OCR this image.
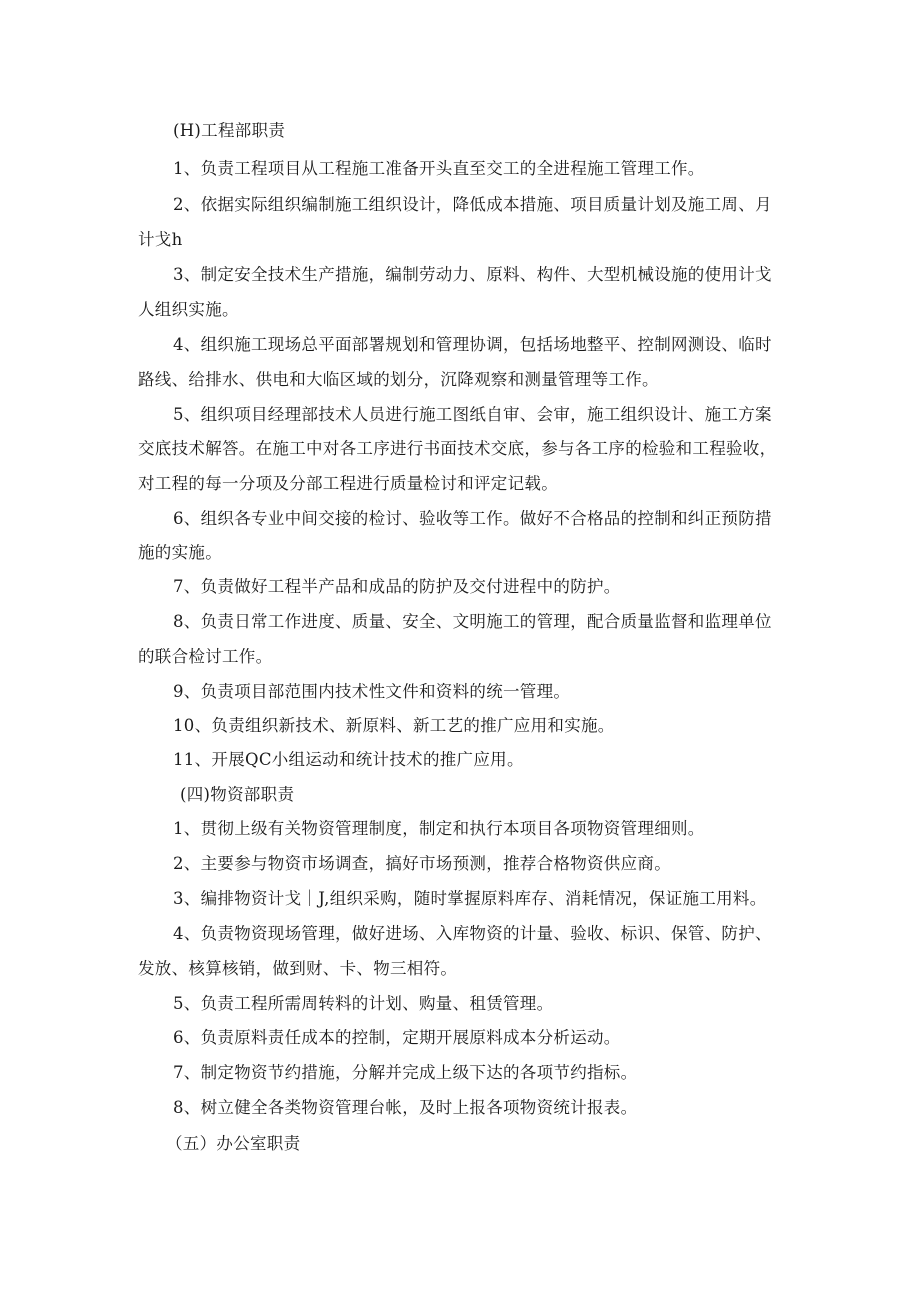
(H)工程部职责
1、负责工程项目从工程施工准备开头直至交工的全进程施工管理工作。
2、依据实际组织编制施工组织设计，降低成本措施、项目质量计划及施工周、月
计戈h
3、制定安全技术生产措施，编制劳动力、原料、构件、大型机械设施的使用计戈
人组织实施。
4、组织施工现场总平面部署规划和管理协调，包括场地整平、控制网测设、临时
路线、给排水、供电和大临区域的划分，沉降观察和测量管理等工作。
5、组织项目经理部技术人员进行施工图纸自审、会审，施工组织设计、施工方案
交底技术解答。在施工中对各工序进行书面技术交底，参与各工序的检验和工程验收，
对工程的每一分项及分部工程进行质量检讨和评定记载。
6、组织各专业中间交接的检讨、验收等工作。做好不合格品的控制和纠正预防措
施的实施。
7、负责做好工程半产品和成品的防护及交付进程中的防护。
8、负责日常工作进度、质量、安全、文明施工的管理，配合质量监督和监理单位
的联合检讨工作。
9、负责项目部范围内技术性文件和资料的统一管理。
10、负责组织新技术、新原料、新工艺的推广应用和实施。
11、开展QC小组运动和统计技术的推广应用。
(四)物资部职责
1、贯彻上级有关物资管理制度，制定和执行本项目各项物资管理细则。
2、主要参与物资市场调查，搞好市场预测，推荐合格物资供应商。
3、编排物资计戈｜J,组织采购，随时掌握原料库存、消耗情况，保证施工用料。
4、负责物资现场管理，做好进场、入库物资的计量、验收、标识、保管、防护、
发放、核算核销，做到财、卡、物三相符。
5、负责工程所需周转料的计划、购量、租赁管理。
6、负责原料责任成本的控制，定期开展原料成本分析运动。
7、制定物资节约措施，分解并完成上级下达的各项节约指标。
8、树立健全各类物资管理台帐，及时上报各项物资统计报表。
（五）办公室职责
